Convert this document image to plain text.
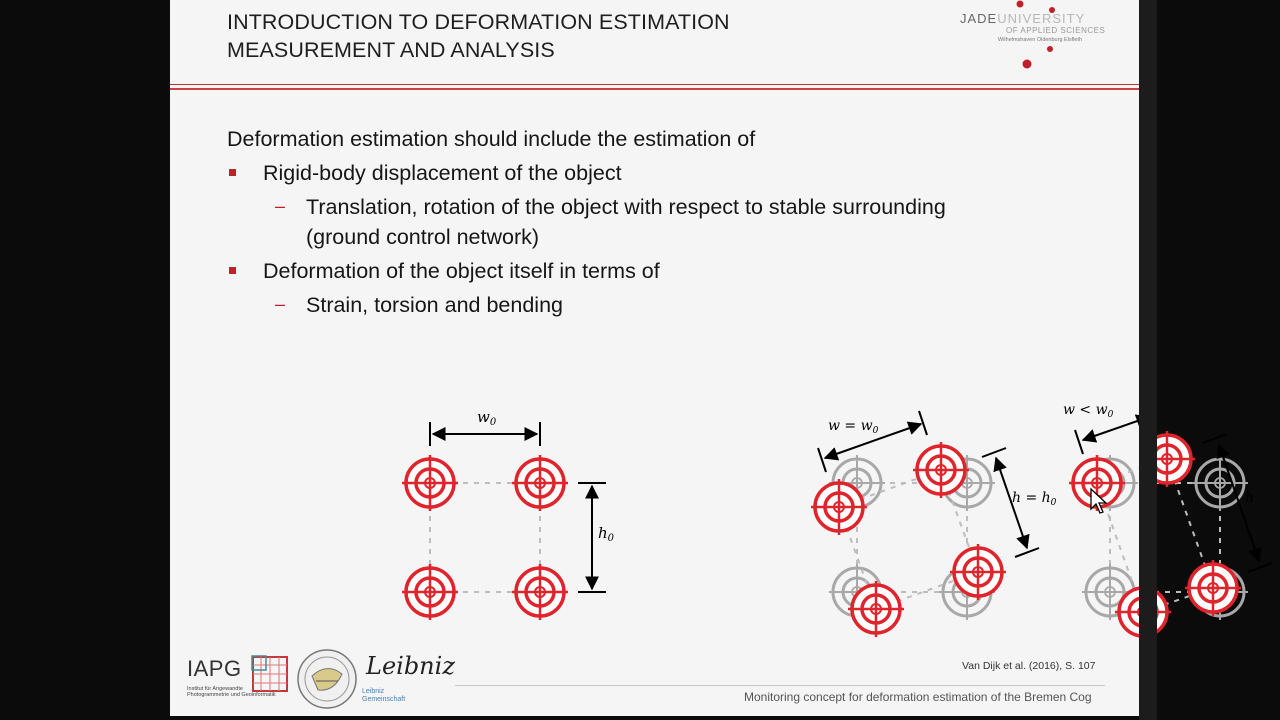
INTRODUCTION TO DEFORMATION ESTIMATION
MEASUREMENT AND ANALYSIS
JADEUNIVERSITY
OF APPLIED SCIENCES
Wilhelmshaven Oldenburg Elsfleth
Deformation estimation should include the estimation of
Rigid-body displacement of the object
– Translation, rotation of the object with respect to stable surrounding
(ground control network)
Deformation of the object itself in terms of
– Strain, torsion and bending
$w_0$
$h_0$
$w = w_0$
$h = h_0$
$w < w_0$
h
Van Dijk et al. (2016), S. 107
Monitoring concept for deformation estimation of the Bremen Cog
IAPG
Institut für Angewandte Photogrammetrie und Geoinformatik
Leibniz
Leibniz
Gemeinschaft
